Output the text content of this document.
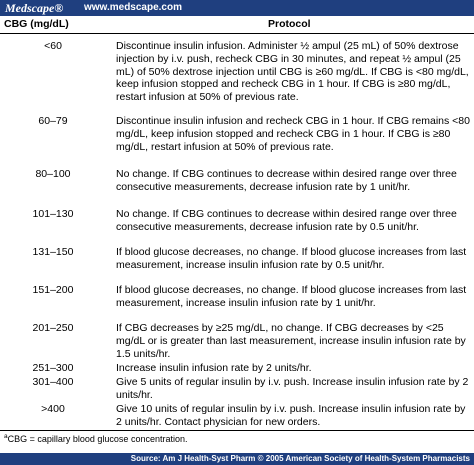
Medscape® www.medscape.com
CBG (mg/dL)	Protocol
<60	Discontinue insulin infusion. Administer ½ ampul (25 mL) of 50% dextrose injection by i.v. push, recheck CBG in 30 minutes, and repeat ½ ampul (25 mL) of 50% dextrose injection until CBG is ≥60 mg/dL. If CBG is <80 mg/dL, keep infusion stopped and recheck CBG in 1 hour. If CBG is ≥80 mg/dL, restart infusion at 50% of previous rate.
60–79	Discontinue insulin infusion and recheck CBG in 1 hour. If CBG remains <80 mg/dL, keep infusion stopped and recheck CBG in 1 hour. If CBG is ≥80 mg/dL, restart infusion at 50% of previous rate.
80–100	No change. If CBG continues to decrease within desired range over three consecutive measurements, decrease infusion rate by 1 unit/hr.
101–130	No change. If CBG continues to decrease within desired range over three consecutive measurements, decrease infusion rate by 0.5 unit/hr.
131–150	If blood glucose decreases, no change. If blood glucose increases from last measurement, increase insulin infusion rate by 0.5 unit/hr.
151–200	If blood glucose decreases, no change. If blood glucose increases from last measurement, increase insulin infusion rate by 1 unit/hr.
201–250	If CBG decreases by ≥25 mg/dL, no change. If CBG decreases by <25 mg/dL or is greater than last measurement, increase insulin infusion rate by 1.5 units/hr.
251–300	Increase insulin infusion rate by 2 units/hr.
301–400	Give 5 units of regular insulin by i.v. push. Increase insulin infusion rate by 2 units/hr.
>400	Give 10 units of regular insulin by i.v. push. Increase insulin infusion rate by 2 units/hr. Contact physician for new orders.
$^a$CBG = capillary blood glucose concentration.
Source: Am J Health-Syst Pharm © 2005 American Society of Health-System Pharmacists
